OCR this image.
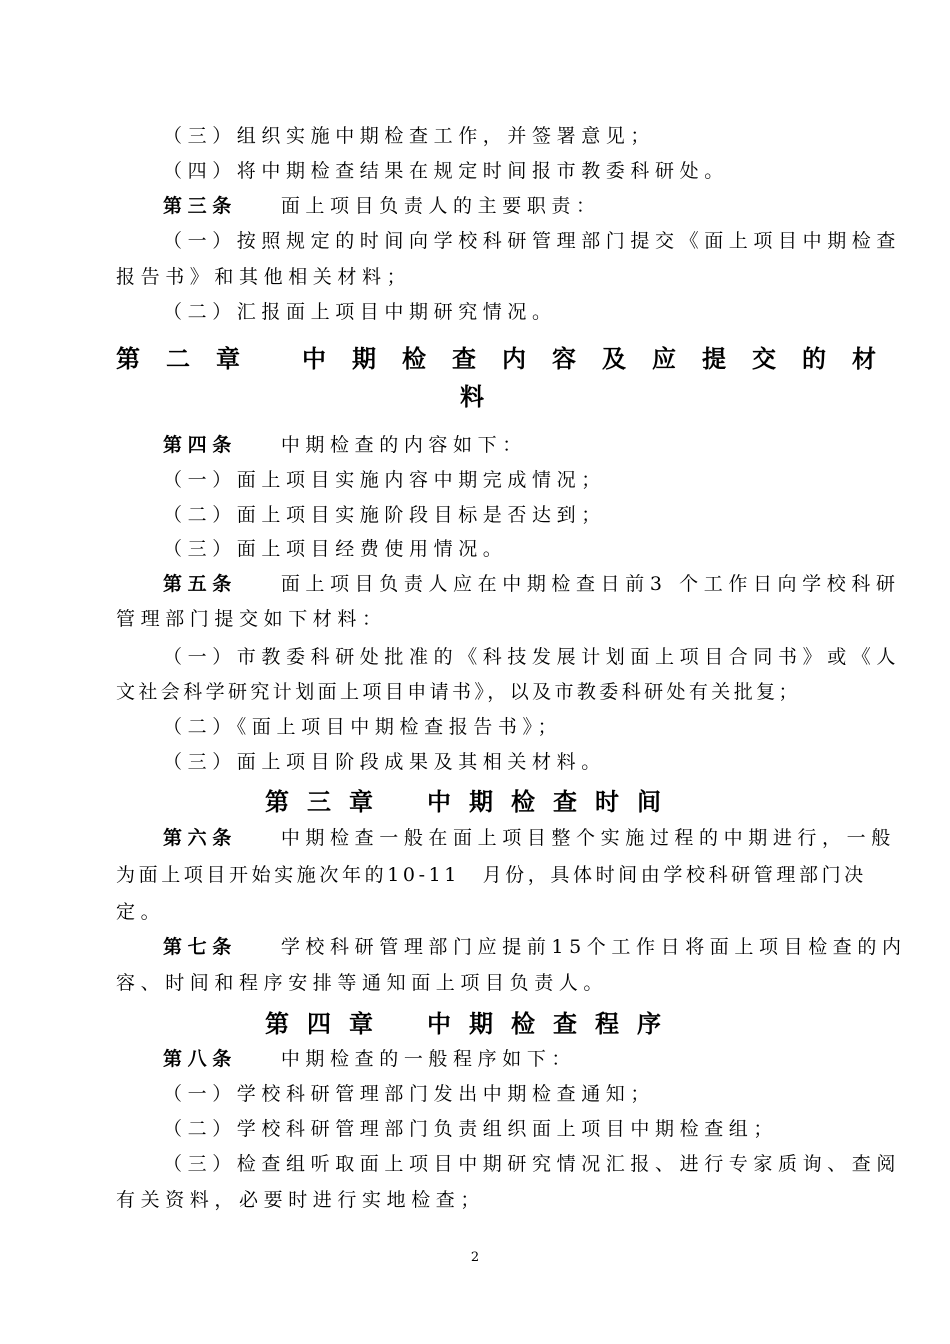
（三）组织实施中期检查工作，并签署意见；
（四）将中期检查结果在规定时间报市教委科研处。
第三条 面上项目负责人的主要职责：
（一）按照规定的时间向学校科研管理部门提交《面上项目中期检查
报告书》和其他相关材料；
（二）汇报面上项目中期研究情况。
第二章 中期检查内容及应提交的材
料
第四条 中期检查的内容如下：
（一）面上项目实施内容中期完成情况；
（二）面上项目实施阶段目标是否达到；
（三）面上项目经费使用情况。
第五条 面上项目负责人应在中期检查日前3 个工作日向学校科研
管理部门提交如下材料：
（一）市教委科研处批准的《科技发展计划面上项目合同书》或《人
文社会科学研究计划面上项目申请书》，以及市教委科研处有关批复；
（二）《面上项目中期检查报告书》；
（三）面上项目阶段成果及其相关材料。
第三章 中期检查时间
第六条 中期检查一般在面上项目整个实施过程的中期进行，一般
为面上项目开始实施次年的10-11　月份，具体时间由学校科研管理部门决
定。
第七条 学校科研管理部门应提前15个工作日将面上项目检查的内
容、时间和程序安排等通知面上项目负责人。
第四章 中期检查程序
第八条 中期检查的一般程序如下：
（一）学校科研管理部门发出中期检查通知；
（二）学校科研管理部门负责组织面上项目中期检查组；
（三）检查组听取面上项目中期研究情况汇报、进行专家质询、查阅
有关资料，必要时进行实地检查；
2
